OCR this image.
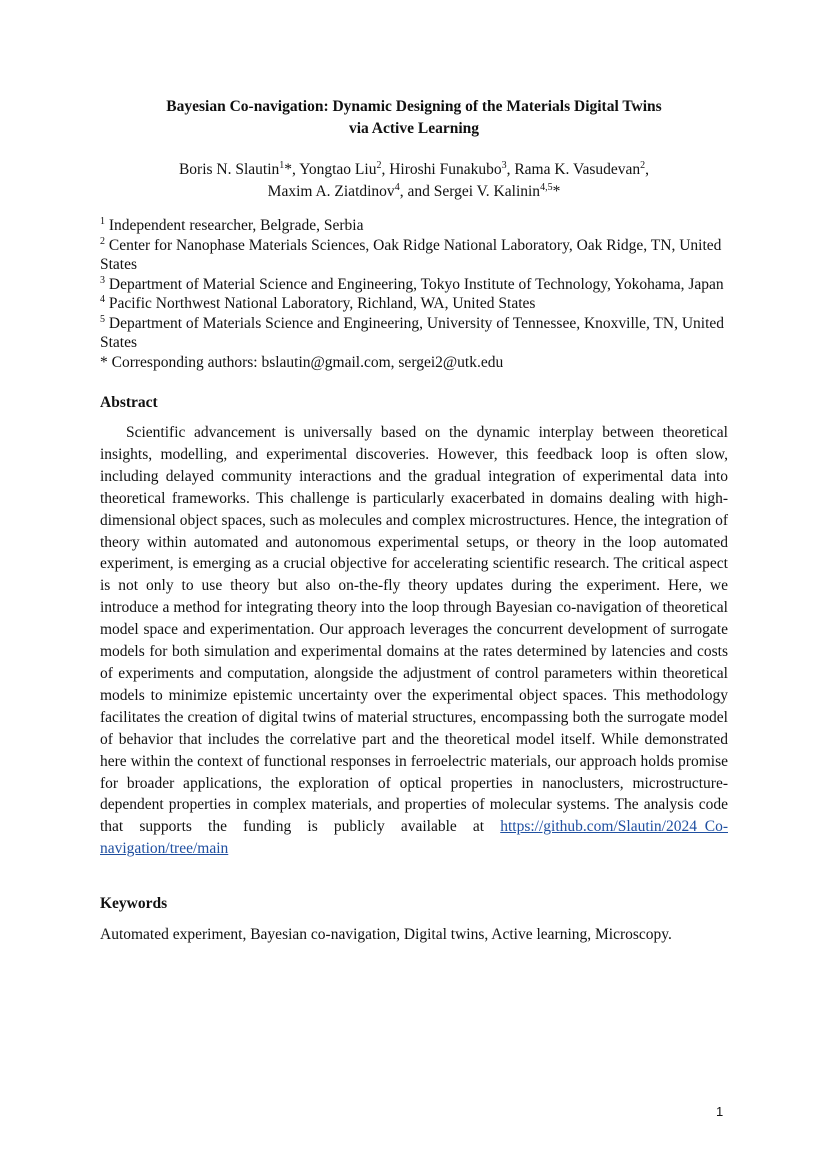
Bayesian Co-navigation: Dynamic Designing of the Materials Digital Twins
via Active Learning
Boris N. Slautin$^1$*, Yongtao Liu$^2$, Hiroshi Funakubo$^3$, Rama K. Vasudevan$^2$,
Maxim A. Ziatdinov$^4$, and Sergei V. Kalinin$^{4,5}$*
$^1$ Independent researcher, Belgrade, Serbia
$^2$ Center for Nanophase Materials Sciences, Oak Ridge National Laboratory, Oak Ridge, TN, United States
$^3$ Department of Material Science and Engineering, Tokyo Institute of Technology, Yokohama, Japan
$^4$ Pacific Northwest National Laboratory, Richland, WA, United States
$^5$ Department of Materials Science and Engineering, University of Tennessee, Knoxville, TN, United States
* Corresponding authors: bslautin@gmail.com, sergei2@utk.edu
Abstract

Scientific advancement is universally based on the dynamic interplay between theoretical insights, modelling, and experimental discoveries. However, this feedback loop is often slow, including delayed community interactions and the gradual integration of experimental data into theoretical frameworks. This challenge is particularly exacerbated in domains dealing with high-dimensional object spaces, such as molecules and complex microstructures. Hence, the integration of theory within automated and autonomous experimental setups, or theory in the loop automated experiment, is emerging as a crucial objective for accelerating scientific research. The critical aspect is not only to use theory but also on-the-fly theory updates during the experiment. Here, we introduce a method for integrating theory into the loop through Bayesian co-navigation of theoretical model space and experimentation. Our approach leverages the concurrent development of surrogate models for both simulation and experimental domains at the rates determined by latencies and costs of experiments and computation, alongside the adjustment of control parameters within theoretical models to minimize epistemic uncertainty over the experimental object spaces. This methodology facilitates the creation of digital twins of material structures, encompassing both the surrogate model of behavior that includes the correlative part and the theoretical model itself. While demonstrated here within the context of functional responses in ferroelectric materials, our approach holds promise for broader applications, the exploration of optical properties in nanoclusters, microstructure-dependent properties in complex materials, and properties of molecular systems. The analysis code that supports the funding is publicly available at https://github.com/Slautin/2024_Co-navigation/tree/main

Keywords
Automated experiment, Bayesian co-navigation, Digital twins, Active learning, Microscopy.
1
